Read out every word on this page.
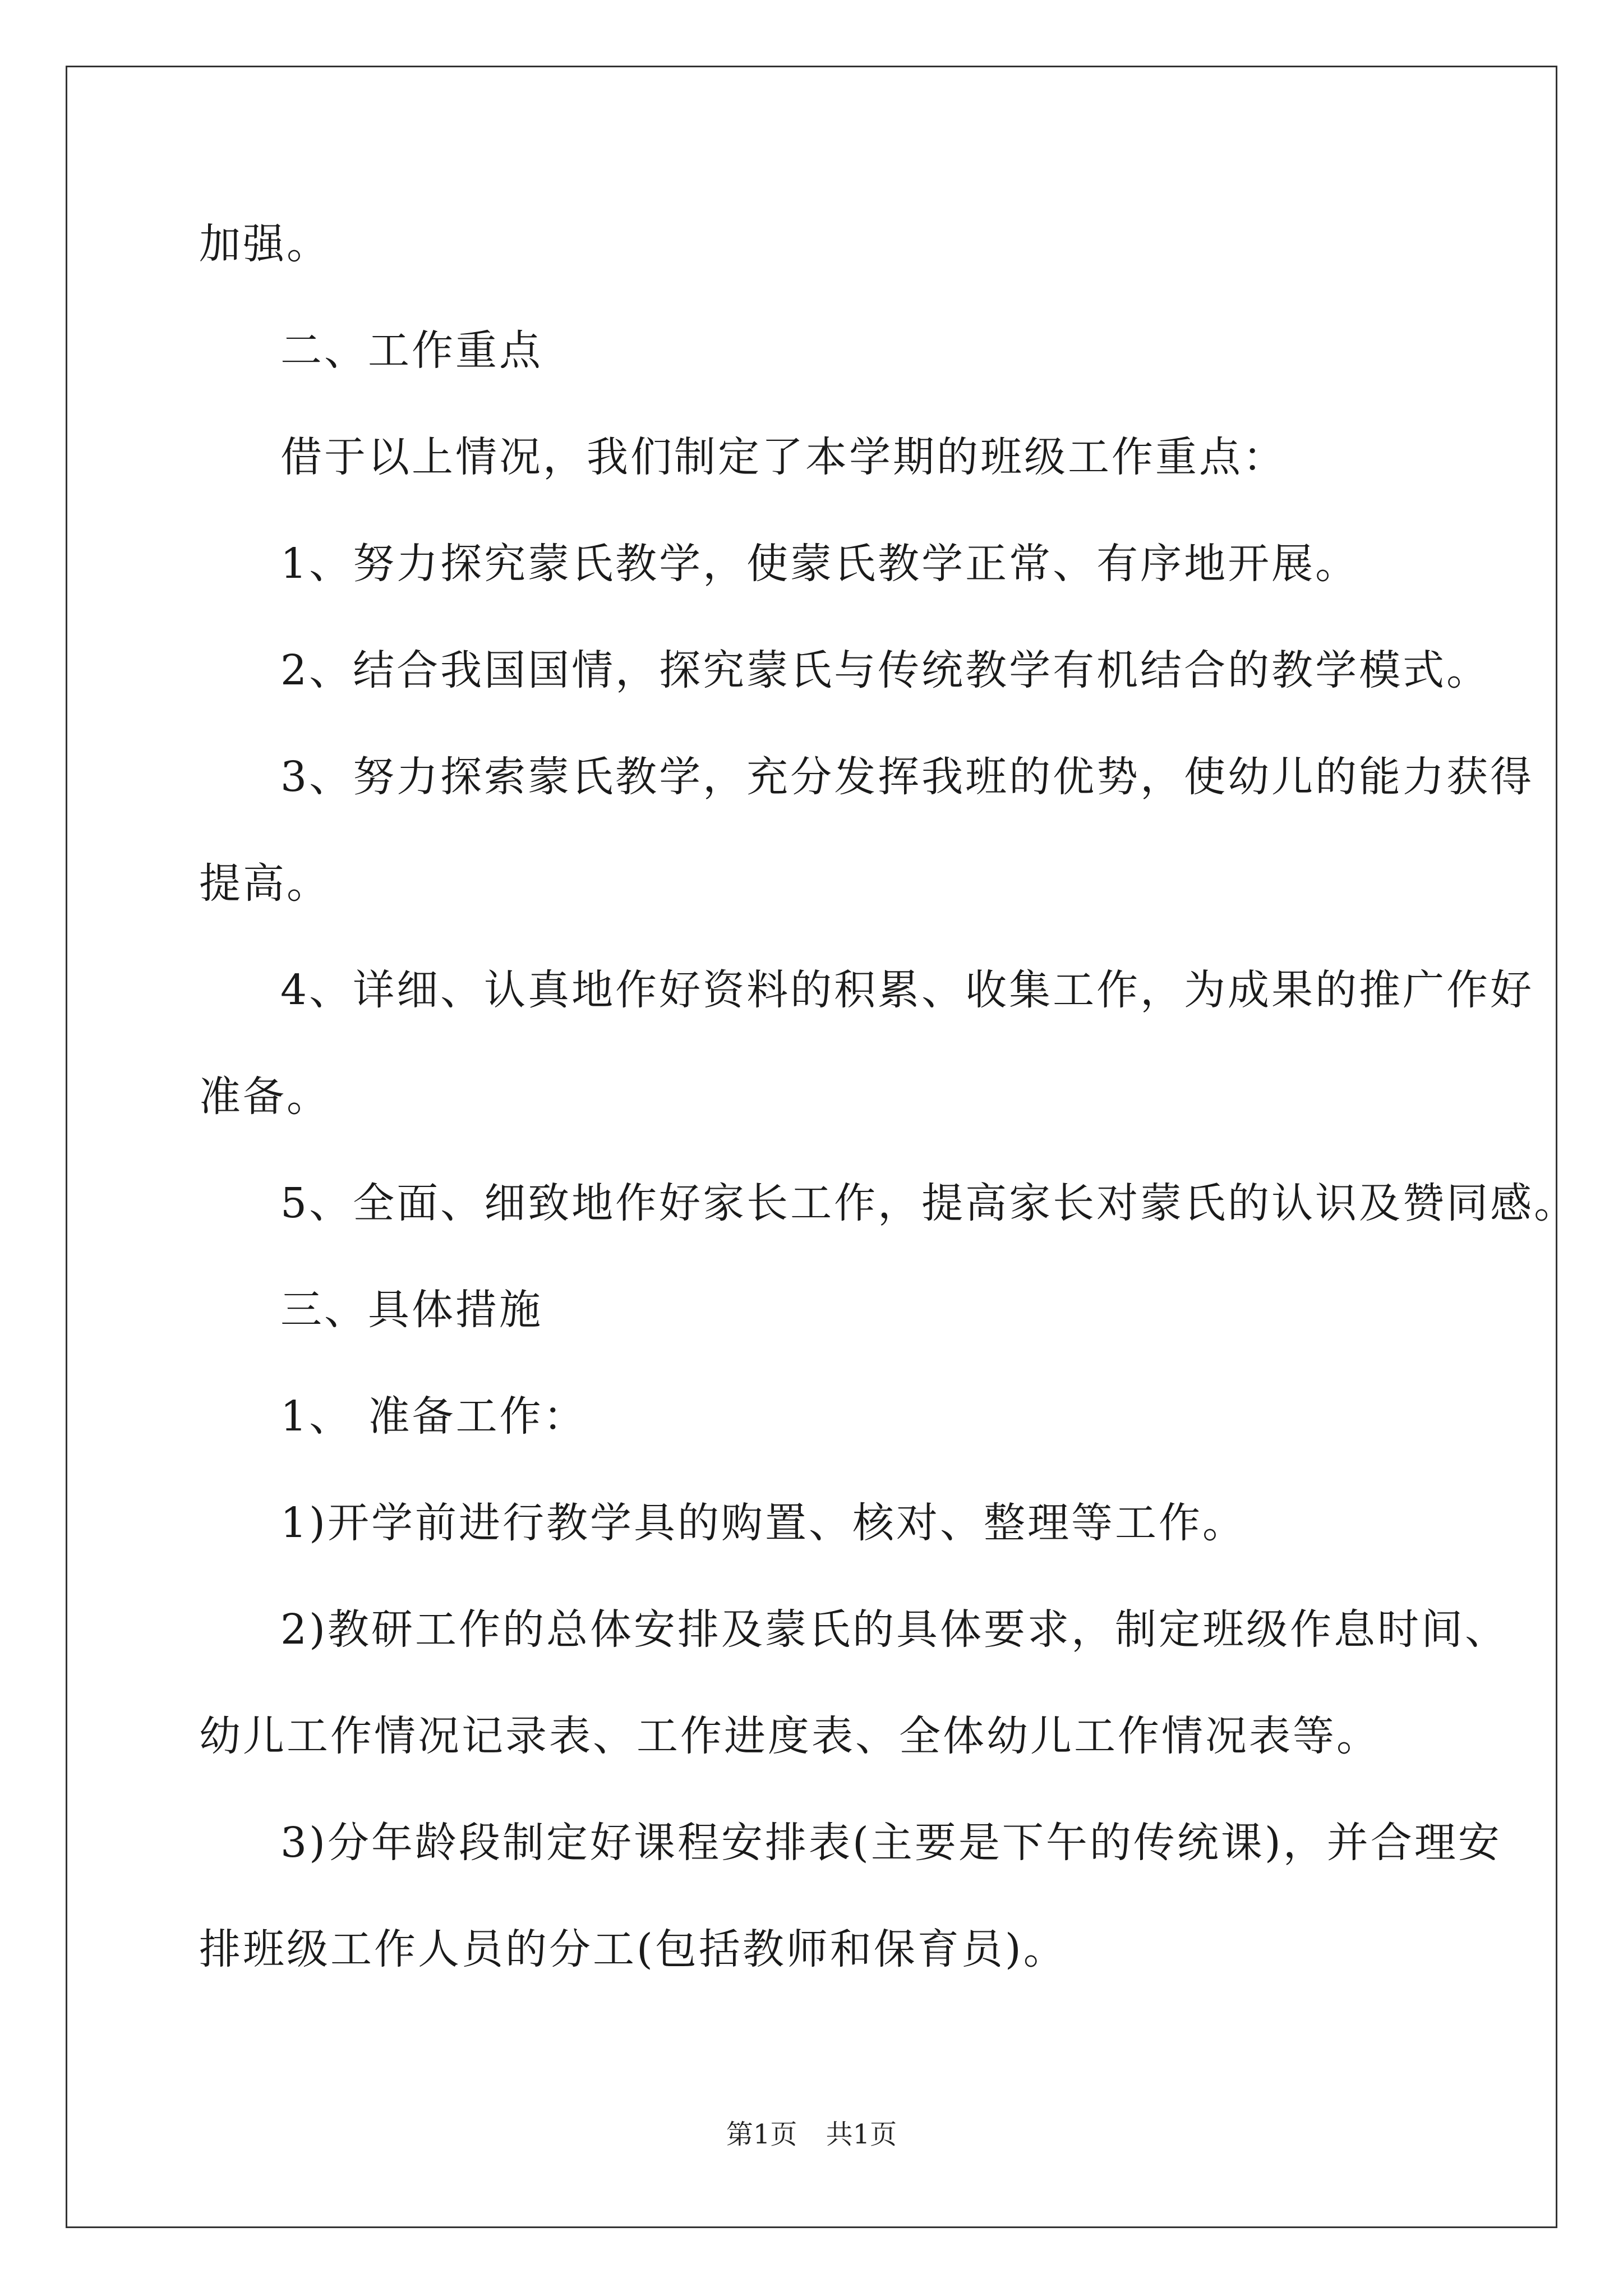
加强。
二、工作重点
借于以上情况，我们制定了本学期的班级工作重点：
1、努力探究蒙氏教学，使蒙氏教学正常、有序地开展。
2、结合我国国情，探究蒙氏与传统教学有机结合的教学模式。
3、努力探索蒙氏教学，充分发挥我班的优势，使幼儿的能力获得
提高。
4、详细、认真地作好资料的积累、收集工作，为成果的推广作好
准备。
5、全面、细致地作好家长工作，提高家长对蒙氏的认识及赞同感。
三、具体措施
1、 准备工作：
1)开学前进行教学具的购置、核对、整理等工作。
2)教研工作的总体安排及蒙氏的具体要求，制定班级作息时间、
幼儿工作情况记录表、工作进度表、全体幼儿工作情况表等。
3)分年龄段制定好课程安排表(主要是下午的传统课)，并合理安
排班级工作人员的分工(包括教师和保育员)。
第1页 共1页
